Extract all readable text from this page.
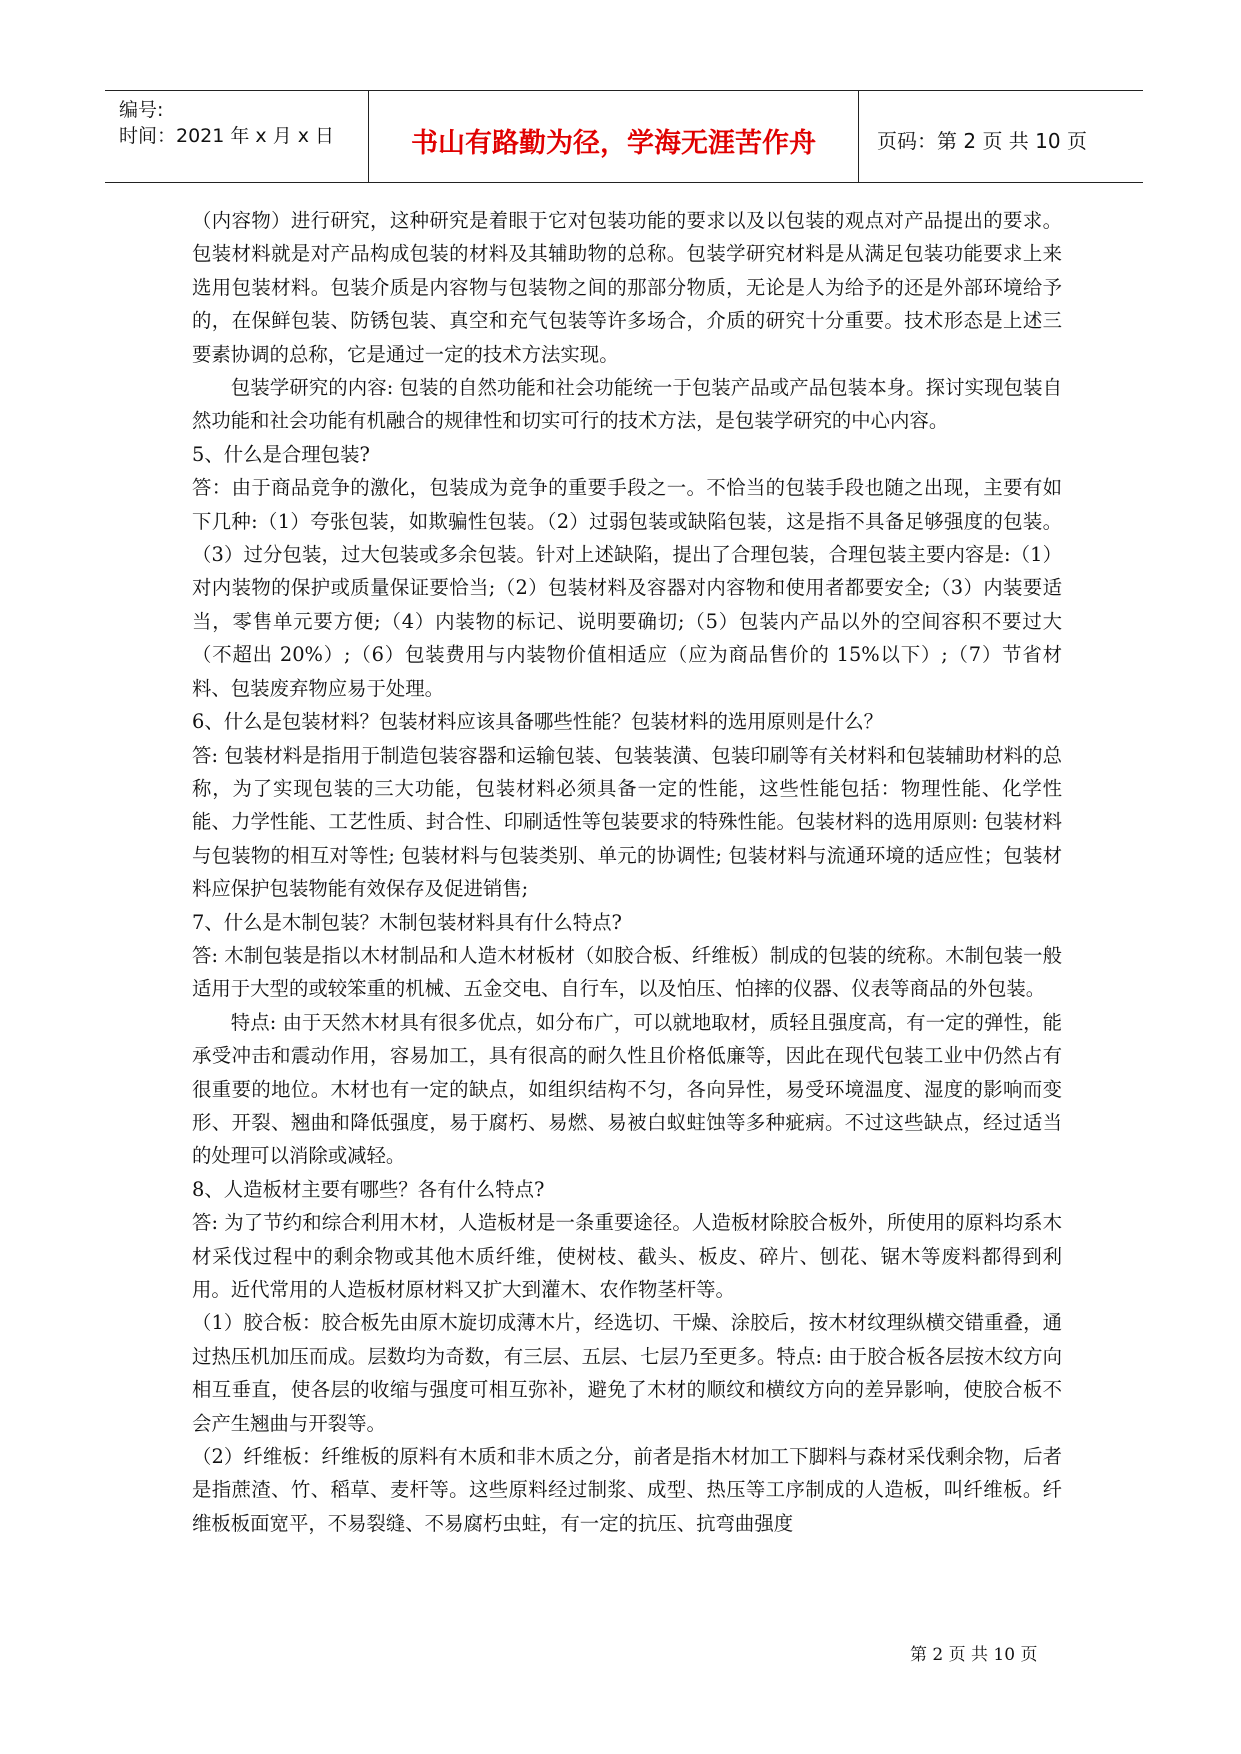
编号:
时间：2021 年 x 月 x 日	书山有路勤为径，学海无涯苦作舟	页码：第 2 页 共 10 页

（内容物）进行研究，这种研究是着眼于它对包装功能的要求以及以包装的观点对产品提出的要求。包装材料就是对产品构成包装的材料及其辅助物的总称。包装学研究材料是从满足包装功能要求上来选用包装材料。包装介质是内容物与包装物之间的那部分物质，无论是人为给予的还是外部环境给予的，在保鲜包装、防锈包装、真空和充气包装等许多场合，介质的研究十分重要。技术形态是上述三要素协调的总称，它是通过一定的技术方法实现。

包装学研究的内容: 包装的自然功能和社会功能统一于包装产品或产品包装本身。探讨实现包装自然功能和社会功能有机融合的规律性和切实可行的技术方法，是包装学研究的中心内容。

5、什么是合理包装?

答：由于商品竞争的激化，包装成为竞争的重要手段之一。不恰当的包装手段也随之出现，主要有如下几种:（1）夸张包装，如欺骗性包装。（2）过弱包装或缺陷包装，这是指不具备足够强度的包装。（3）过分包装，过大包装或多余包装。针对上述缺陷，提出了合理包装，合理包装主要内容是:（1）对内装物的保护或质量保证要恰当;（2）包装材料及容器对内容物和使用者都要安全;（3）内装要适当，零售单元要方便;（4）内装物的标记、说明要确切;（5）包装内产品以外的空间容积不要过大（不超出 20%）;（6）包装费用与内装物价值相适应（应为商品售价的 15%以下）;（7）节省材料、包装废弃物应易于处理。

6、什么是包装材料？包装材料应该具备哪些性能？包装材料的选用原则是什么？

答: 包装材料是指用于制造包装容器和运输包装、包装装潢、包装印刷等有关材料和包装辅助材料的总称，为了实现包装的三大功能，包装材料必须具备一定的性能，这些性能包括：物理性能、化学性能、力学性能、工艺性质、封合性、印刷适性等包装要求的特殊性能。包装材料的选用原则: 包装材料与包装物的相互对等性; 包装材料与包装类别、单元的协调性; 包装材料与流通环境的适应性；包装材料应保护包装物能有效保存及促进销售;

7、什么是木制包装？木制包装材料具有什么特点?

答: 木制包装是指以木材制品和人造木材板材（如胶合板、纤维板）制成的包装的统称。木制包装一般适用于大型的或较笨重的机械、五金交电、自行车，以及怕压、怕摔的仪器、仪表等商品的外包装。

特点: 由于天然木材具有很多优点，如分布广，可以就地取材，质轻且强度高，有一定的弹性，能承受冲击和震动作用，容易加工，具有很高的耐久性且价格低廉等，因此在现代包装工业中仍然占有很重要的地位。木材也有一定的缺点，如组织结构不匀，各向异性，易受环境温度、湿度的影响而变形、开裂、翘曲和降低强度，易于腐朽、易燃、易被白蚁蛀蚀等多种疵病。不过这些缺点，经过适当的处理可以消除或减轻。

8、人造板材主要有哪些？各有什么特点?

答: 为了节约和综合利用木材，人造板材是一条重要途径。人造板材除胶合板外，所使用的原料均系木材采伐过程中的剩余物或其他木质纤维，使树枝、截头、板皮、碎片、刨花、锯木等废料都得到利用。近代常用的人造板材原材料又扩大到灌木、农作物茎杆等。

（1）胶合板：胶合板先由原木旋切成薄木片，经选切、干燥、涂胶后，按木材纹理纵横交错重叠，通过热压机加压而成。层数均为奇数，有三层、五层、七层乃至更多。特点: 由于胶合板各层按木纹方向相互垂直，使各层的收缩与强度可相互弥补，避免了木材的顺纹和横纹方向的差异影响，使胶合板不会产生翘曲与开裂等。

（2）纤维板：纤维板的原料有木质和非木质之分，前者是指木材加工下脚料与森材采伐剩余物，后者是指蔗渣、竹、稻草、麦杆等。这些原料经过制浆、成型、热压等工序制成的人造板，叫纤维板。纤维板板面宽平，不易裂缝、不易腐朽虫蛀，有一定的抗压、抗弯曲强度

第 2 页 共 10 页
